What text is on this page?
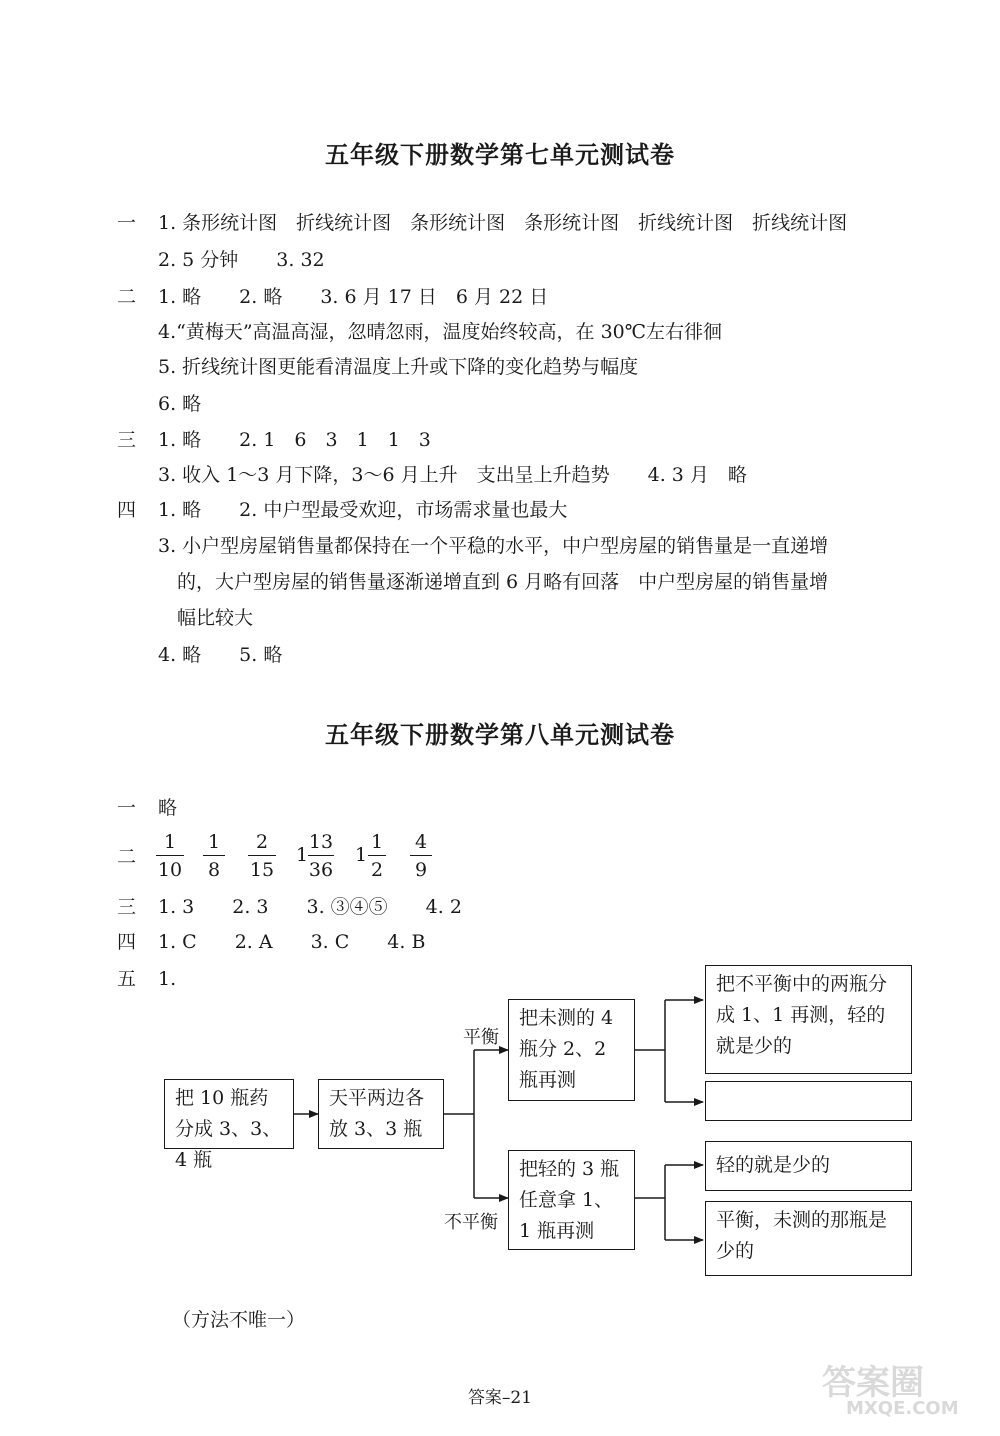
五年级下册数学第七单元测试卷
一 1. 条形统计图　折线统计图　条形统计图　条形统计图　折线统计图　折线统计图
2. 5 分钟　　3. 32
二 1. 略　　2. 略　　3. 6 月 17 日　6 月 22 日
4.“黄梅天”高温高湿，忽晴忽雨，温度始终较高，在 30℃左右徘徊
5. 折线统计图更能看清温度上升或下降的变化趋势与幅度
6. 略
三 1. 略　　2. 1　6　3　1　1　3
3. 收入 1～3 月下降，3～6 月上升　支出呈上升趋势　　4. 3 月　略
四 1. 略　　2. 中户型最受欢迎，市场需求量也最大
3. 小户型房屋销售量都保持在一个平稳的水平，中户型房屋的销售量是一直递增
的，大户型房屋的销售量逐渐递增直到 6 月略有回落　中户型房屋的销售量增
幅比较大
4. 略　　5. 略
五年级下册数学第八单元测试卷
一 略
二
1
10
1
8
2
15
1
13
36
1
1
2
4
9
三 1. 3　　2. 3　　3. ③④⑤　　4. 2
四 1. C　　2. A　　3. C　　4. B
五 1.
平衡
不平衡
把 10 瓶药分成 3、3、4 瓶
天平两边各放 3、3 瓶
把未测的 4 瓶分 2、2 瓶再测
把轻的 3 瓶任意拿 1、1 瓶再测
把不平衡中的两瓶分成 1、1 再测，轻的就是少的
轻的就是少的
平衡，未测的那瓶是少的
（方法不唯一）
答案–21	答案圈
MXQE.COM
